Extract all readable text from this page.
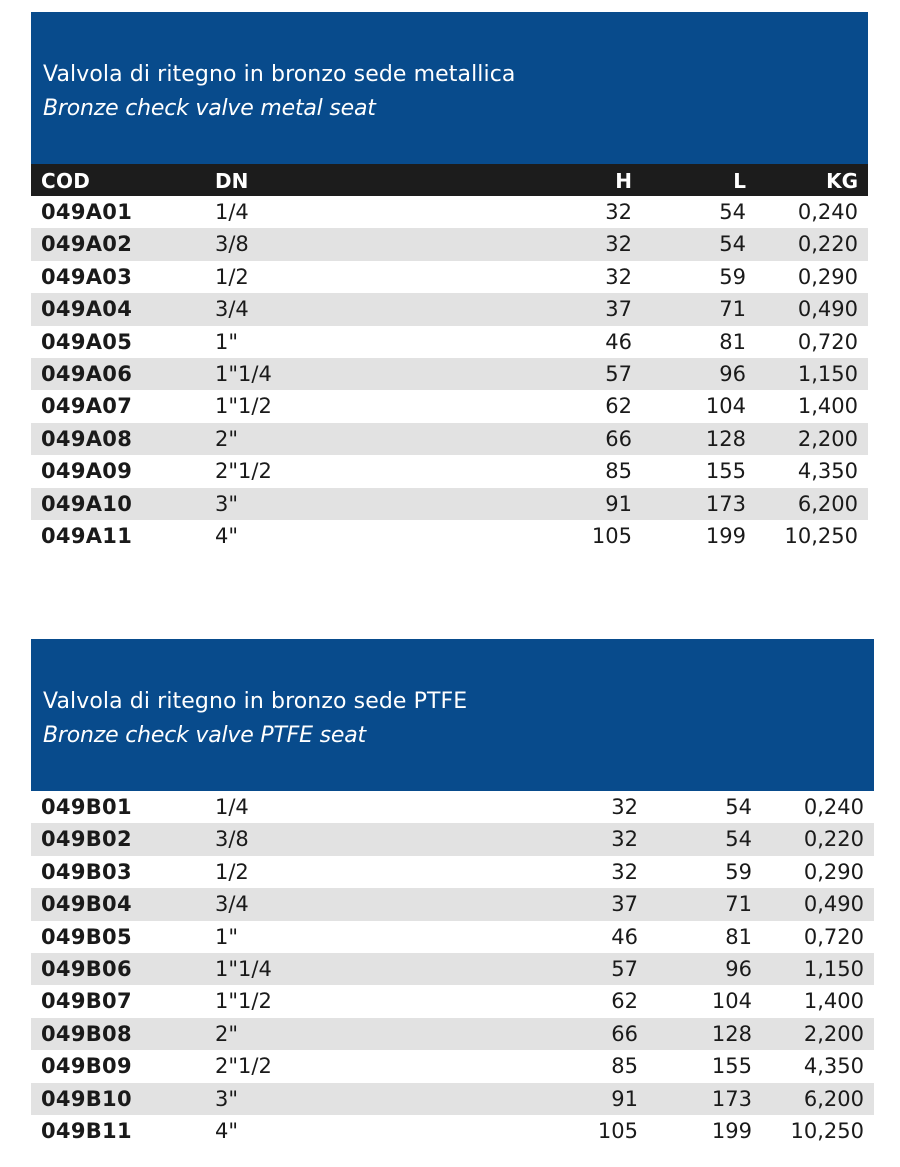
Valvola di ritegno in bronzo sede metallica
Bronze check valve metal seat
COD	DN	H	L	KG
049A01	1/4	32	54 0,240
049A02	3/8	32	54 0,220
049A03	1/2	32	59 0,290
049A04	3/4	37	71 0,490
049A05	1"	46	81 0,720
049A06	1"1/4	57	96 1,150
049A07	1"1/2	62	104 1,400
049A08	2"	66	128 2,200
049A09	2"1/2	85	155 4,350
049A10	3"	91	173 6,200
049A11	4"	105	199 10,250
Valvola di ritegno in bronzo sede PTFE
Bronze check valve PTFE seat
049B01	1/4	32	54 0,240
049B02	3/8	32	54 0,220
049B03	1/2	32	59 0,290
049B04	3/4	37	71 0,490
049B05	1"	46	81 0,720
049B06	1"1/4	57	96 1,150
049B07	1"1/2	62	104 1,400
049B08	2"	66	128 2,200
049B09	2"1/2	85	155 4,350
049B10	3"	91	173 6,200
049B11	4"	105	199 10,250
